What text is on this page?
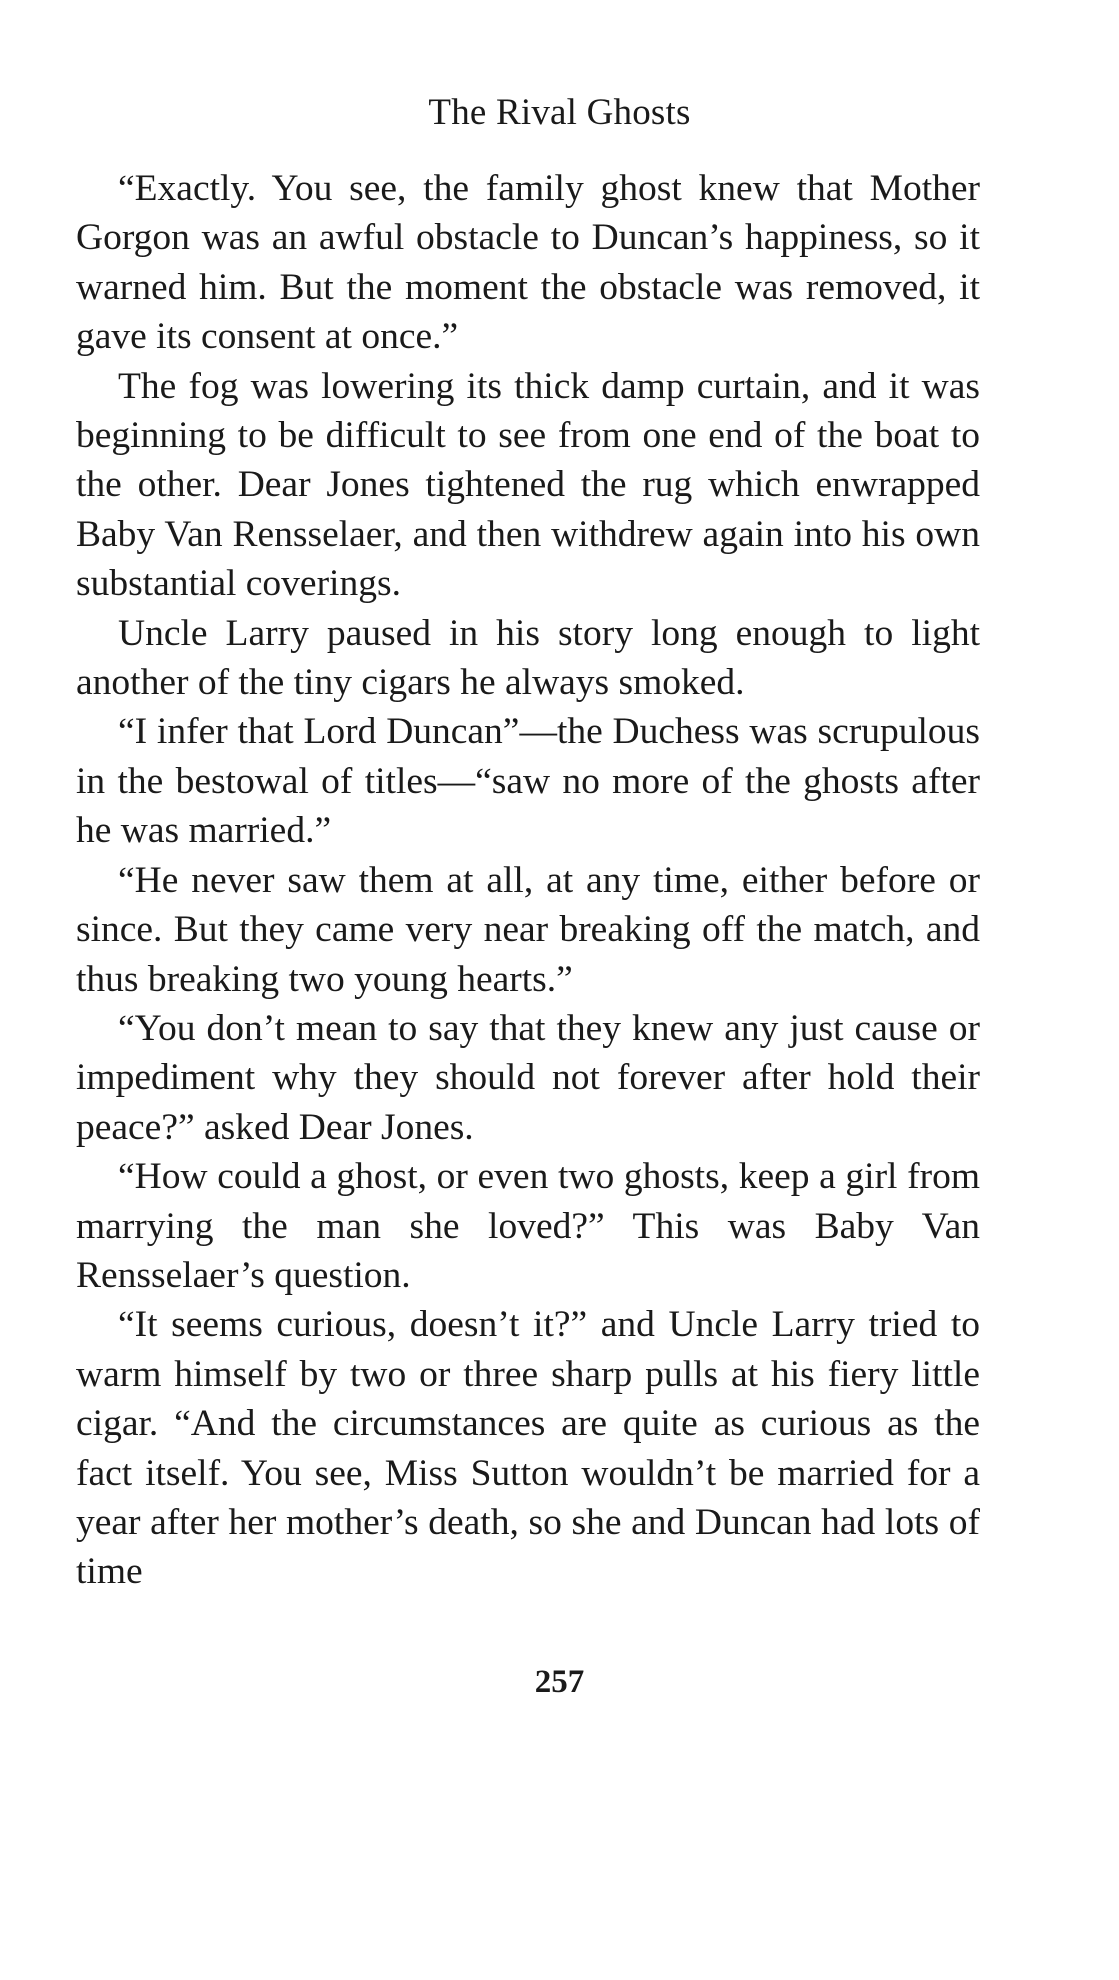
The Rival Ghosts

“Exactly. You see, the family ghost knew that Mother Gorgon was an awful obstacle to Duncan’s happiness, so it warned him. But the moment the obstacle was removed, it gave its consent at once.”

The fog was lowering its thick damp curtain, and it was beginning to be difficult to see from one end of the boat to the other. Dear Jones tightened the rug which enwrapped Baby Van Rensselaer, and then withdrew again into his own substantial coverings.

Uncle Larry paused in his story long enough to light another of the tiny cigars he always smoked.

“I infer that Lord Duncan”—the Duchess was scrupulous in the bestowal of titles—“saw no more of the ghosts after he was married.”

“He never saw them at all, at any time, either before or since. But they came very near breaking off the match, and thus breaking two young hearts.”

“You don’t mean to say that they knew any just cause or impediment why they should not forever after hold their peace?” asked Dear Jones.

“How could a ghost, or even two ghosts, keep a girl from marrying the man she loved?” This was Baby Van Rensselaer’s question.

“It seems curious, doesn’t it?” and Uncle Larry tried to warm himself by two or three sharp pulls at his fiery little cigar. “And the circumstances are quite as curious as the fact itself. You see, Miss Sutton wouldn’t be married for a year after her mother’s death, so she and Duncan had lots of time

257
